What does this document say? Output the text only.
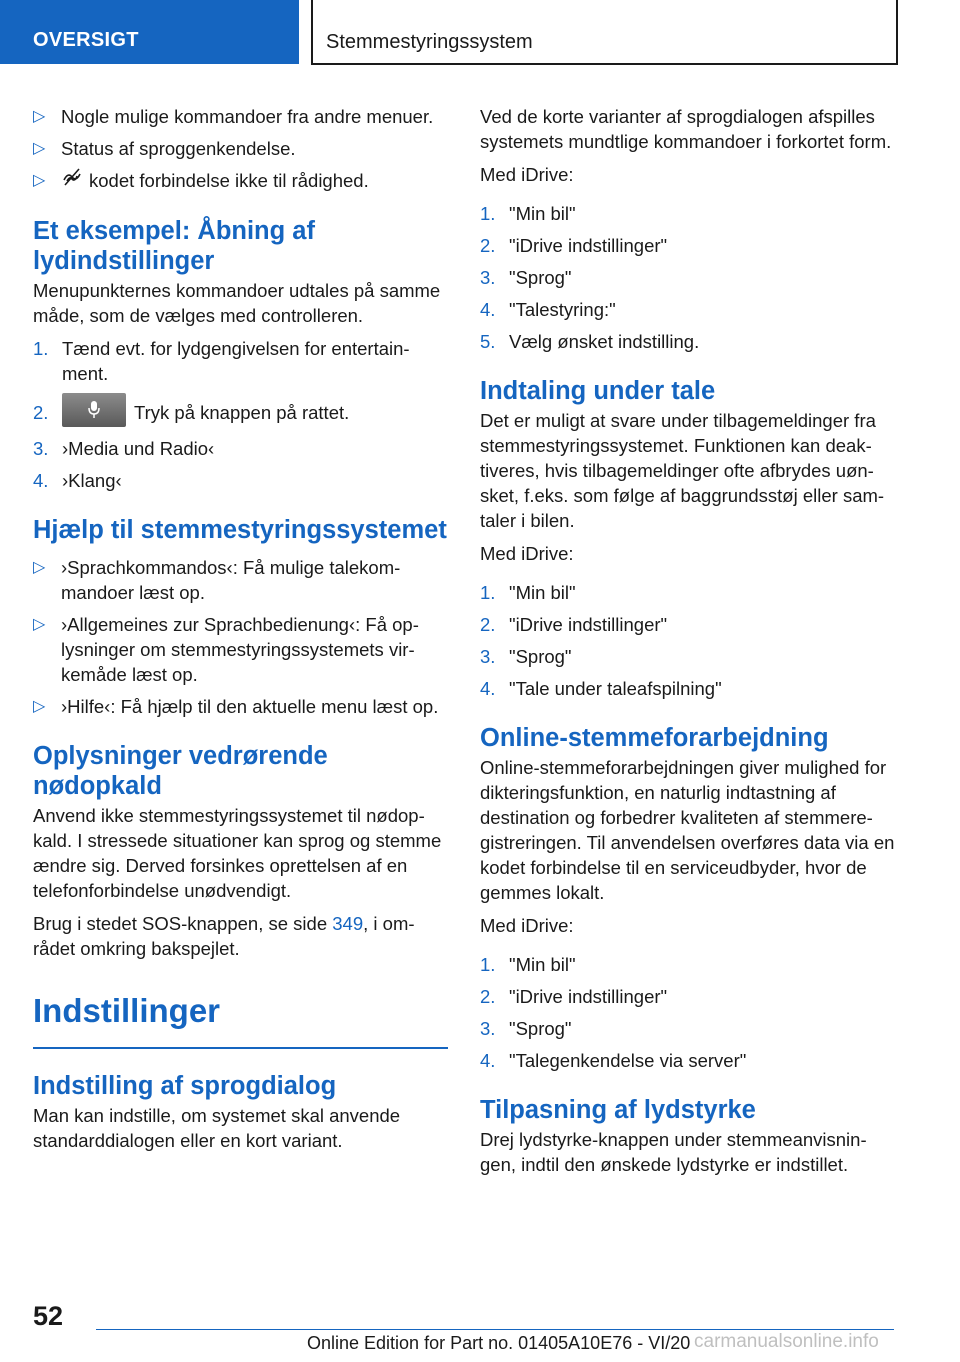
OVERSIGT	Stemmestyringssystem
▷ Nogle mulige kommandoer fra andre menuer.
▷ Status af sproggenkendelse.
▷ kodet forbindelse ikke til rådighed.
Et eksempel: Åbning af lydindstillinger

Menupunkternes kommandoer udtales på samme måde, som de vælges med controlleren.

1. Tænd evt. for lydgengivelsen for entertainment.
2.	Tryk på knappen på rattet.
3. ›Media und Radio‹
4. ›Klang‹
Hjælp til stemmestyringssystemet
▷ ›Sprachkommandos‹: Få mulige talekommandoer læst op.
▷ ›Allgemeines zur Sprachbedienung‹: Få oplysninger om stemmestyringssystemets virkemåde læst op.
▷ ›Hilfe‹: Få hjælp til den aktuelle menu læst op.
Oplysninger vedrørende nødopkald

Anvend ikke stemmestyringssystemet til nødopkald. I stressede situationer kan sprog og stemme ændre sig. Derved forsinkes oprettelsen af en telefonforbindelse unødvendigt.

Brug i stedet SOS-knappen, se side 349, i området omkring bakspejlet.

Indstillinger
Indstilling af sprogdialog

Man kan indstille, om systemet skal anvende standarddialogen eller en kort variant.

Ved de korte varianter af sprogdialogen afspilles systemets mundtlige kommandoer i forkortet form.

Med iDrive:

1. "Min bil"
2. "iDrive indstillinger"
3. "Sprog"
4. "Talestyring:"
5. Vælg ønsket indstilling.
Indtaling under tale

Det er muligt at svare under tilbagemeldinger fra stemmestyringssystemet. Funktionen kan deaktiveres, hvis tilbagemeldinger ofte afbrydes uønsket, f.eks. som følge af baggrundsstøj eller samtaler i bilen.

Med iDrive:

1. "Min bil"
2. "iDrive indstillinger"
3. "Sprog"
4. "Tale under taleafspilning"
Online-stemmeforarbejdning

Online-stemmeforarbejdningen giver mulighed for dikteringsfunktion, en naturlig indtastning af destination og forbedrer kvaliteten af stemmeregistreringen. Til anvendelsen overføres data via en kodet forbindelse til en serviceudbyder, hvor de gemmes lokalt.

Med iDrive:

1. "Min bil"
2. "iDrive indstillinger"
3. "Sprog"
4. "Talegenkendelse via server"
Tilpasning af lydstyrke

Drej lydstyrke-knappen under stemmeanvisningen, indtil den ønskede lydstyrke er indstillet.

52
Online Edition for Part no. 01405A10E76 - VI/20 carmanualsonline.info
